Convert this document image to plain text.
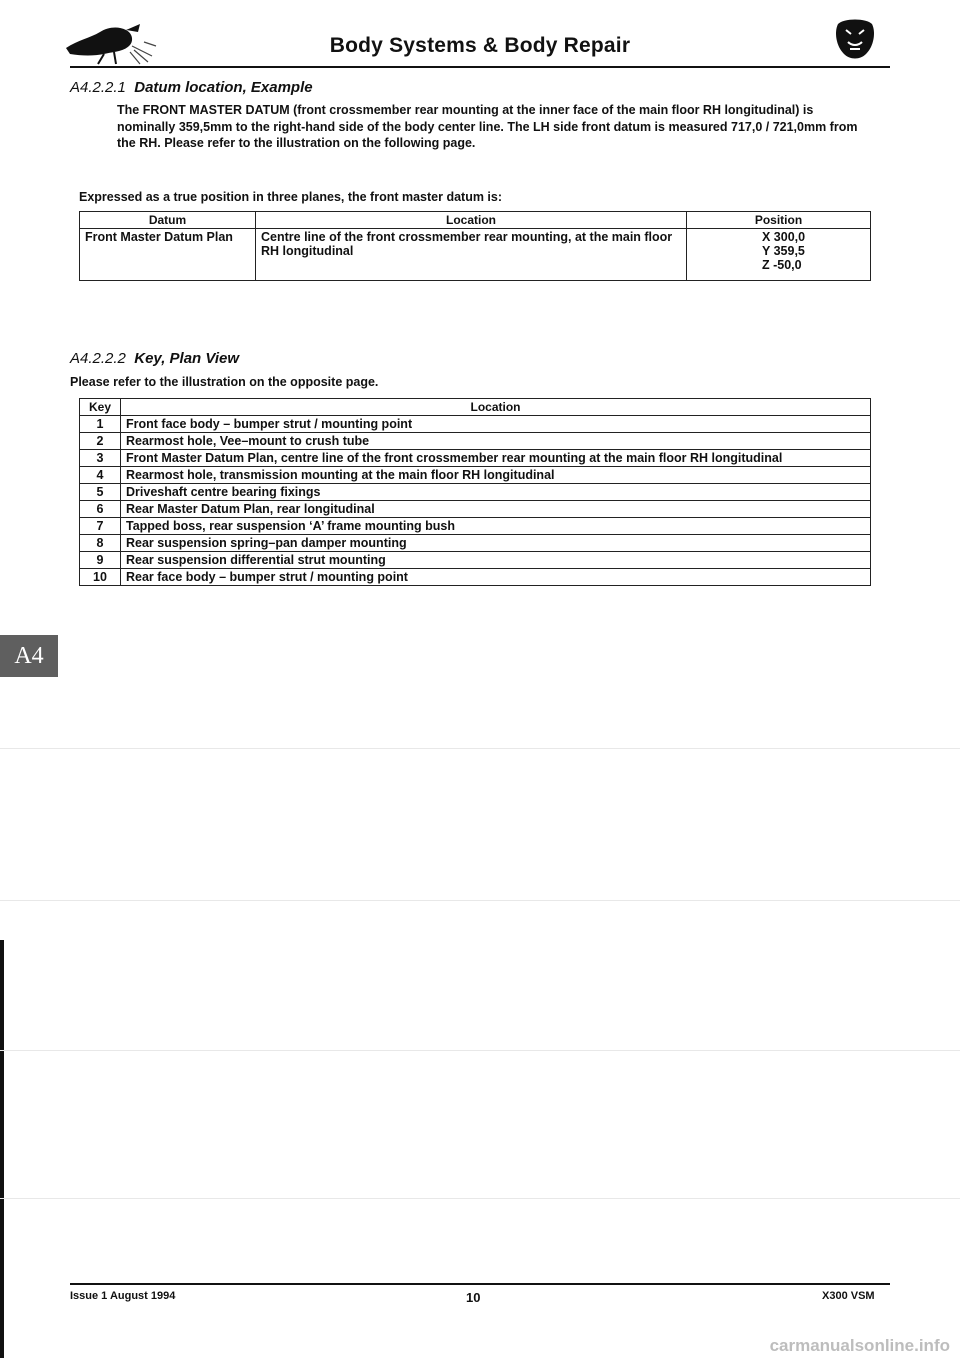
Body Systems & Body Repair
A4
A4.2.2.1 Datum location, Example
The FRONT MASTER DATUM (front crossmember rear mounting at the inner face of the main floor RH longitudinal) is nominally 359,5mm to the right-hand side of the body center line. The LH side front datum is measured 717,0 / 721,0mm from the RH. Please refer to the illustration on the following page.
Expressed as a true position in three planes, the front master datum is:
Datum	Location	Position
Front Master Datum Plan	Centre line of the front crossmember rear mounting, at the main floor RH longitudinal	X 300,0
Y 359,5
Z -50,0
A4.2.2.2 Key, Plan View
Please refer to the illustration on the opposite page.
Key	Location
1	Front face body – bumper strut / mounting point
2	Rearmost hole, Vee–mount to crush tube
3	Front Master Datum Plan, centre line of the front crossmember rear mounting at the main floor RH longitudinal
4	Rearmost hole, transmission mounting at the main floor RH longitudinal
5	Driveshaft centre bearing fixings
6	Rear Master Datum Plan, rear longitudinal
7	Tapped boss, rear suspension ‘A’ frame mounting bush
8	Rear suspension spring–pan damper mounting
9	Rear suspension differential strut mounting
10	Rear face body – bumper strut / mounting point
Issue 1 August 1994	10	X300 VSM
carmanualsonline.info
